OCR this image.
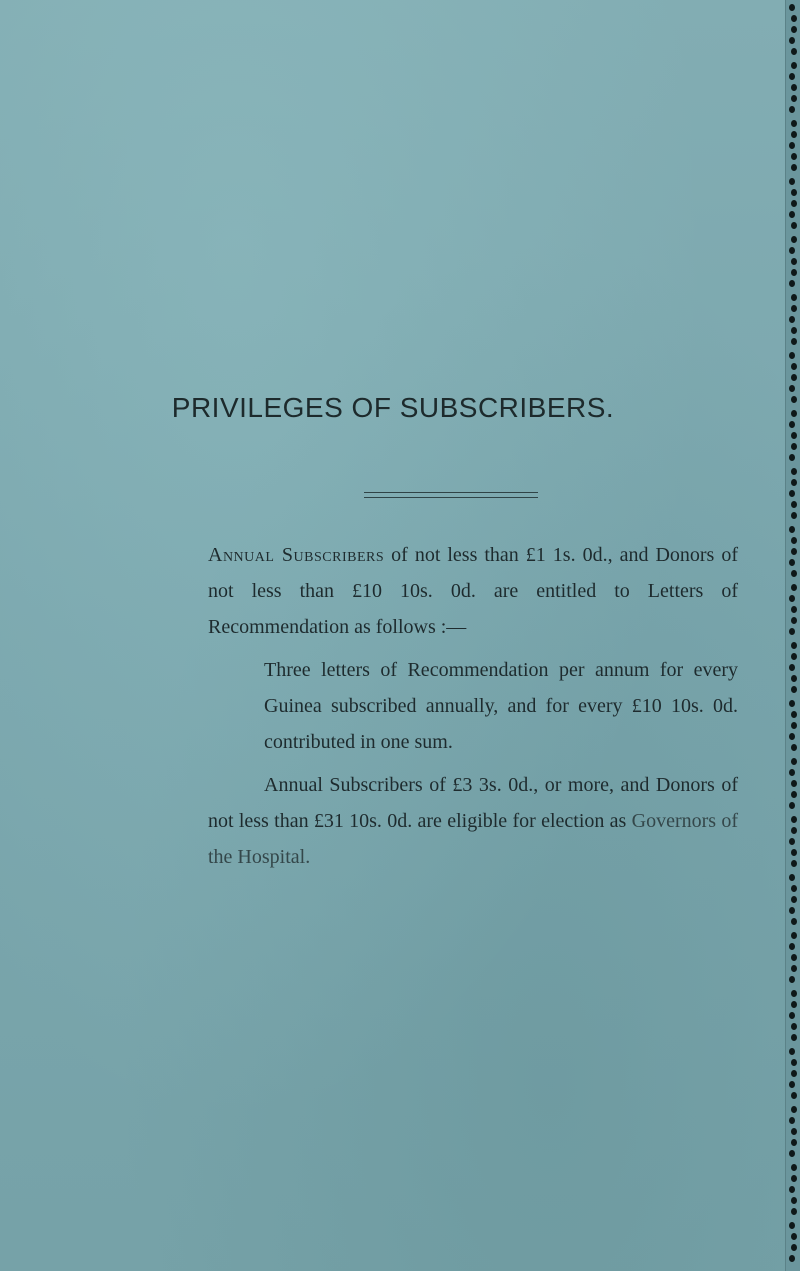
PRIVILEGES OF SUBSCRIBERS.
Annual Subscribers of not less than £1 1s. 0d., and Donors of not less than £10 10s. 0d. are entitled to Letters of Recommendation as follows :—
Three letters of Recommendation per annum for every Guinea subscribed annually, and for every £10 10s. 0d. contributed in one sum.
Annual Subscribers of £3 3s. 0d., or more, and Donors of not less than £31 10s. 0d. are eligible for election as Governors of the Hospital.
